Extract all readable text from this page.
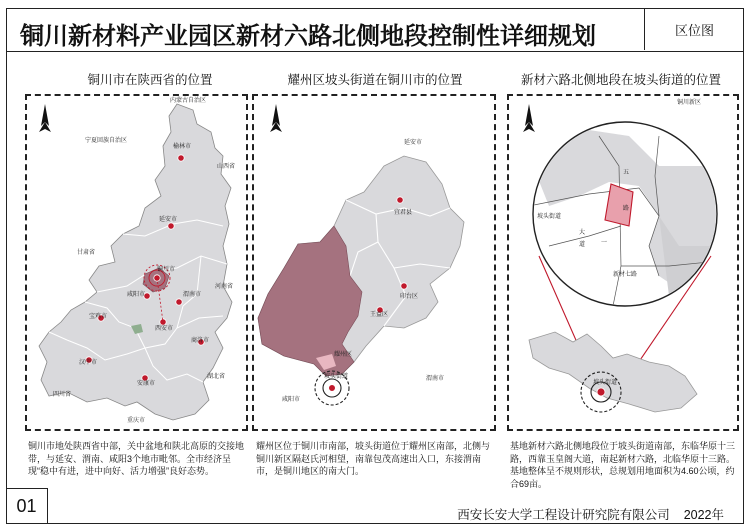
铜川新材料产业园区新材六路北侧地段控制性详细规划	区位图
铜川市在陕西省的位置	耀州区坡头街道在铜川市的位置	新材六路北侧地段在坡头街道的位置
内蒙古自治区
宁夏回族自治区
山西省
榆林市
延安市
甘肃省
河南省
铜川市
咸阳市	渭南市
宝鸡市
西安市
汉中市
安康市
湖北省
商洛市
四川省
重庆市
延安市
宜君县
印台区
王益区
耀州区
坡头街道
咸阳市
渭南市
铜川新区
五
路
坡头街道
大
道	一
新材七路
坡头街道
铜川市地处陕西省中部，关中盆地和陕北高原的交接地带，与延安、渭南、咸阳3个地市毗邻。全市经济呈现“稳中有进，进中向好、活力增强”良好态势。
耀州区位于铜川市南部，坡头街道位于耀州区南部，北侧与铜川新区隔赵氏河相望，南靠包茂高速出入口，东接渭南市，是铜川地区的南大门。
基地新材六路北侧地段位于坡头街道南部，东临华原十三路，西靠玉皇阁大道，南起新材六路，北临华原十三路。基地整体呈不规则形状，总规划用地面积为4.60公顷，约合69亩。
01	西安长安大学工程设计研究院有限公司    2022年
